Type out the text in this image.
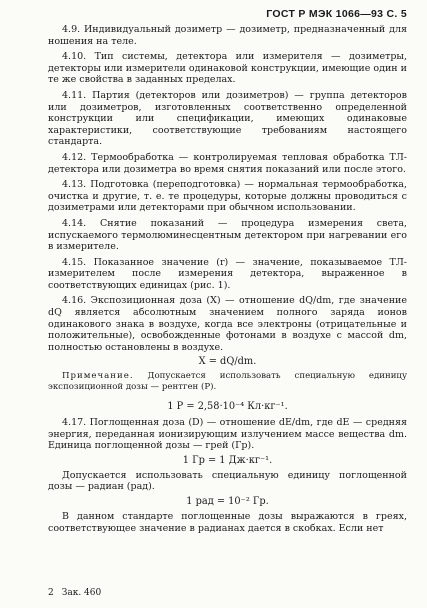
ГОСТ Р МЭК 1066—93 С. 5

4.9. Индивидуальный дозиметр — дозиметр, предназначенный для ношения на теле.

4.10. Тип системы, детектора или измерителя — дозиметры, детекторы или измерители одинаковой конструкции, имеющие один и те же свойства в заданных пределах.

4.11. Партия (детекторов или дозиметров) — группа детекторов или дозиметров, изготовленных соответственно определенной конструкции или спецификации, имеющих одинаковые характеристики, соответствующие требованиям настоящего стандарта.

4.12. Термообработка — контролируемая тепловая обработка ТЛ-детектора или дозиметра во время снятия показаний или после этого.

4.13. Подготовка (переподготовка) — нормальная термообработка, очистка и другие, т. е. те процедуры, которые должны проводиться с дозиметрами или детекторами при обычном использовании.

4.14. Снятие показаний — процедура измерения света, испускаемого термолюминесцентным детектором при нагревании его в измерителе.

4.15. Показанное значение (r) — значение, показываемое ТЛ-измерителем после измерения детектора, выраженное в соответствующих единицах (рис. 1).

4.16. Экспозиционная доза (X) — отношение dQ/dm, где значение dQ является абсолютным значением полного заряда ионов одинакового знака в воздухе, когда все электроны (отрицательные и положительные), освобожденные фотонами в воздухе с массой dm, полностью остановлены в воздухе.

X = dQ/dm.

Примечание. Допускается использовать специальную единицу экспозиционной дозы — рентген (Р).

1 Р = 2,58·10⁻⁴ Кл·кг⁻¹.

4.17. Поглощенная доза (D) — отношение dE/dm, где dE — средняя энергия, переданная ионизирующим излучением массе вещества dm. Единица поглощенной дозы — грей (Гр).

1 Гр = 1 Дж·кг⁻¹.

Допускается использовать специальную единицу поглощенной дозы — радиан (рад).

1 рад = 10⁻² Гр.

В данном стандарте поглощенные дозы выражаются в греях, соответствующее значение в радианах дается в скобках. Если нет

2 Зак. 460
